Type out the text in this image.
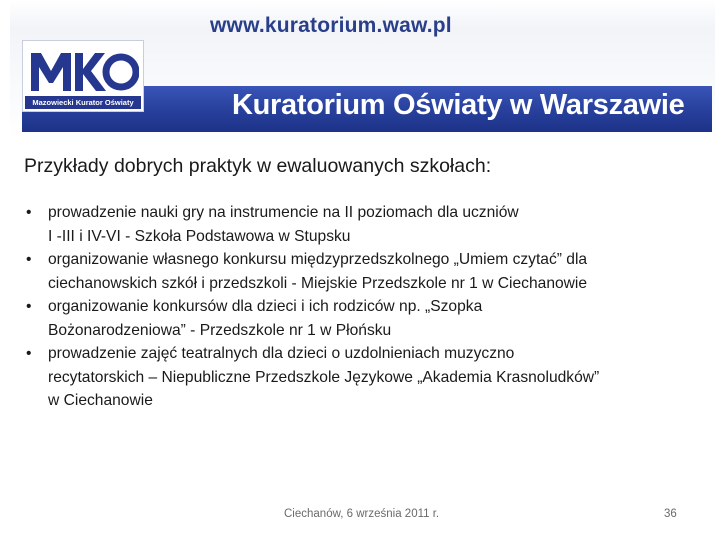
www.kuratorium.waw.pl
Kuratorium Oświaty w Warszawie
Mazowiecki Kurator Oświaty
Przykłady dobrych praktyk w ewaluowanych szkołach:
• prowadzenie nauki gry na instrumencie na II poziomach dla uczniów
I -III i IV-VI - Szkoła Podstawowa w Stupsku
• organizowanie własnego konkursu międzyprzedszkolnego „Umiem czytać” dla
ciechanowskich szkół i przedszkoli - Miejskie Przedszkole nr 1 w Ciechanowie
• organizowanie konkursów dla dzieci i ich rodziców np. „Szopka
Bożonarodzeniowa” - Przedszkole nr 1 w Płońsku
• prowadzenie zajęć teatralnych dla dzieci o uzdolnieniach muzyczno
recytatorskich – Niepubliczne Przedszkole Językowe „Akademia Krasnoludków”
w Ciechanowie
Ciechanów, 6 września 2011 r.	36
